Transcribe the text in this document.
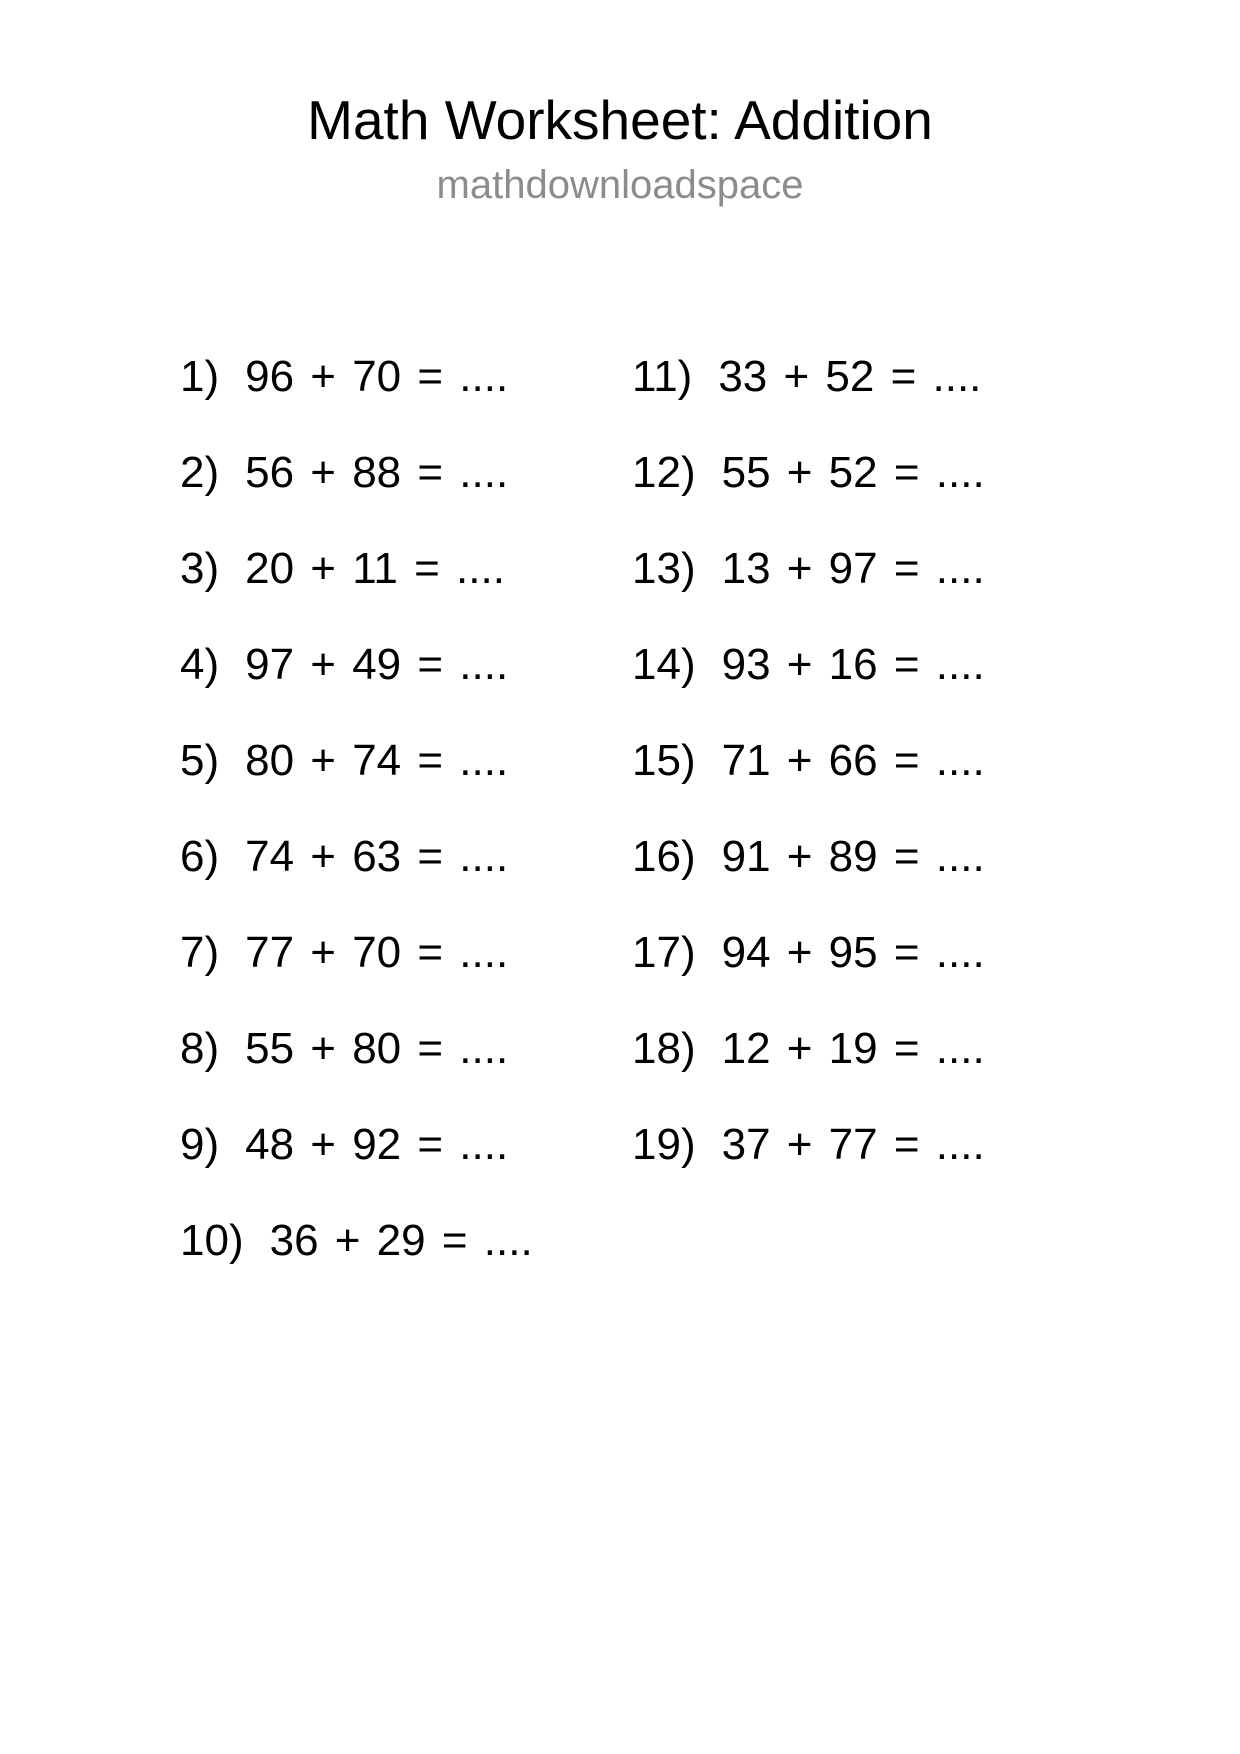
Math Worksheet: Addition
mathdownloadspace
1) 96 + 70 = ....
2) 56 + 88 = ....
3) 20 + 11 = ....
4) 97 + 49 = ....
5) 80 + 74 = ....
6) 74 + 63 = ....
7) 77 + 70 = ....
8) 55 + 80 = ....
9) 48 + 92 = ....
10) 36 + 29 = ....
11) 33 + 52 = ....
12) 55 + 52 = ....
13) 13 + 97 = ....
14) 93 + 16 = ....
15) 71 + 66 = ....
16) 91 + 89 = ....
17) 94 + 95 = ....
18) 12 + 19 = ....
19) 37 + 77 = ....
